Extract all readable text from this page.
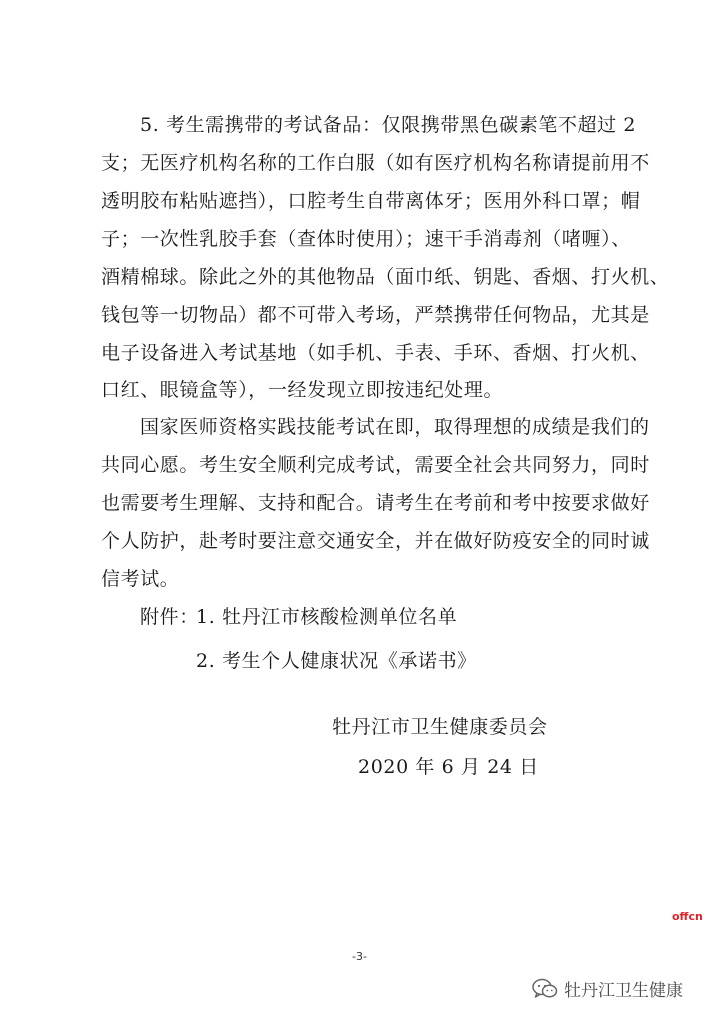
5. 考生需携带的考试备品：仅限携带黑色碳素笔不超过 2
支；无医疗机构名称的工作白服（如有医疗机构名称请提前用不
透明胶布粘贴遮挡），口腔考生自带离体牙；医用外科口罩；帽
子；一次性乳胶手套（查体时使用）；速干手消毒剂（啫喱）、
酒精棉球。除此之外的其他物品（面巾纸、钥匙、香烟、打火机、
钱包等一切物品）都不可带入考场，严禁携带任何物品，尤其是
电子设备进入考试基地（如手机、手表、手环、香烟、打火机、
口红、眼镜盒等），一经发现立即按违纪处理。
国家医师资格实践技能考试在即，取得理想的成绩是我们的
共同心愿。考生安全顺利完成考试，需要全社会共同努力，同时
也需要考生理解、支持和配合。请考生在考前和考中按要求做好
个人防护，赴考时要注意交通安全，并在做好防疫安全的同时诚
信考试。
附件：
1. 牡丹江市核酸检测单位名单
2. 考生个人健康状况《承诺书》
牡丹江市卫生健康委员会
2020 年 6 月 24 日
-3-
offcn
牡丹江卫生健康
